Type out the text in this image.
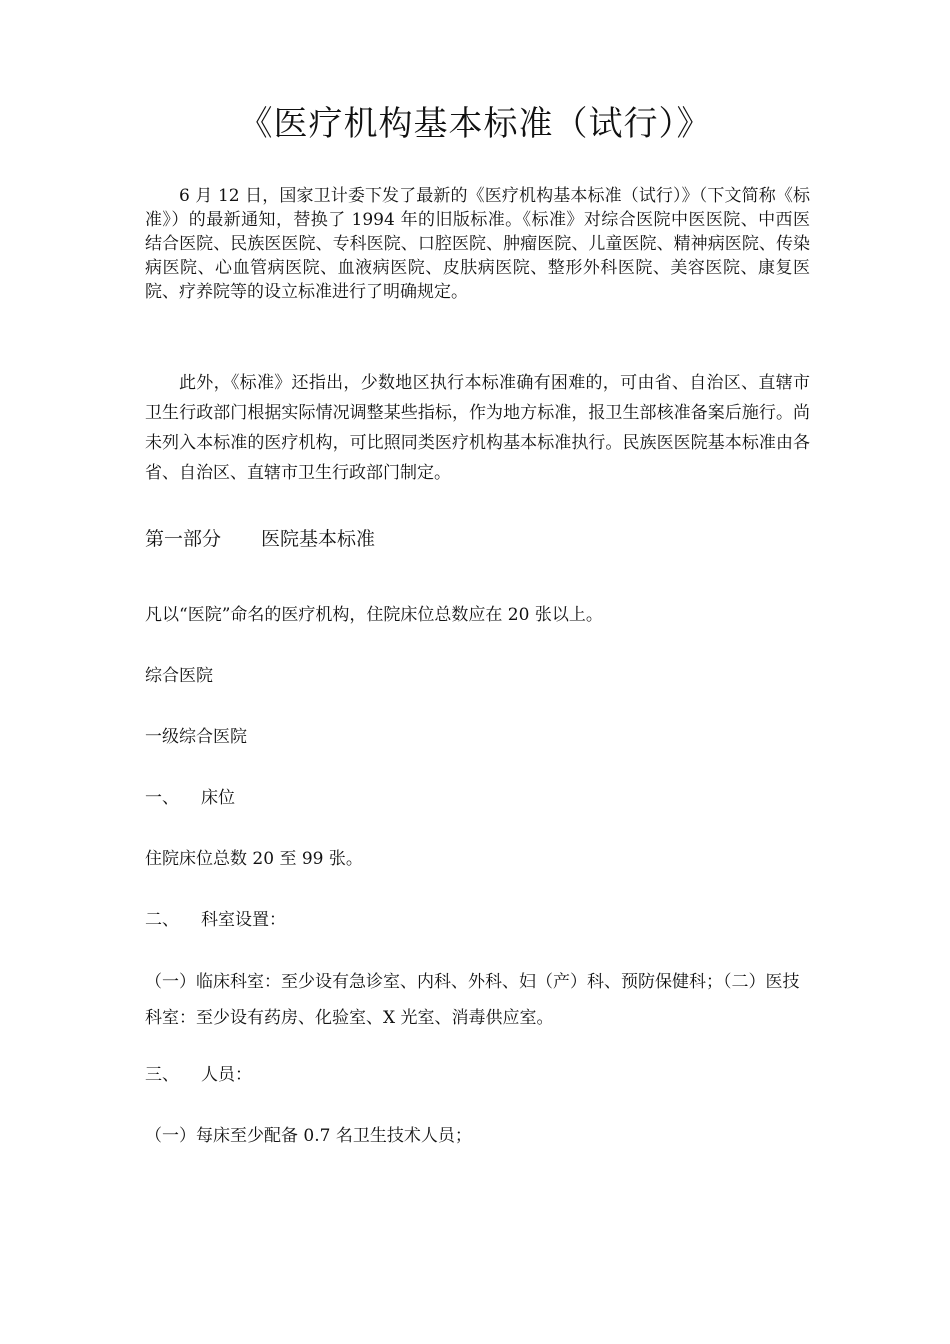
《医疗机构基本标准（试行）》
6 月 12 日，国家卫计委下发了最新的《医疗机构基本标准（试行）》（下文简称《标准》）的最新通知，替换了 1994 年的旧版标准。《标准》对综合医院中医医院、中西医结合医院、民族医医院、专科医院、口腔医院、肿瘤医院、儿童医院、精神病医院、传染病医院、心血管病医院、血液病医院、皮肤病医院、整形外科医院、美容医院、康复医院、疗养院等的设立标准进行了明确规定。
此外，《标准》还指出，少数地区执行本标准确有困难的，可由省、自治区、直辖市卫生行政部门根据实际情况调整某些指标，作为地方标准，报卫生部核准备案后施行。尚未列入本标准的医疗机构，可比照同类医疗机构基本标准执行。民族医医院基本标准由各省、自治区、直辖市卫生行政部门制定。
第一部分 医院基本标准
凡以“医院”命名的医疗机构，住院床位总数应在 20 张以上。
综合医院
一级综合医院
一、 床位
住院床位总数 20 至 99 张。
二、 科室设置：
（一）临床科室：至少设有急诊室、内科、外科、妇（产）科、预防保健科；（二）医技科室：至少设有药房、化验室、X 光室、消毒供应室。
三、 人员：
（一）每床至少配备 0.7 名卫生技术人员；
